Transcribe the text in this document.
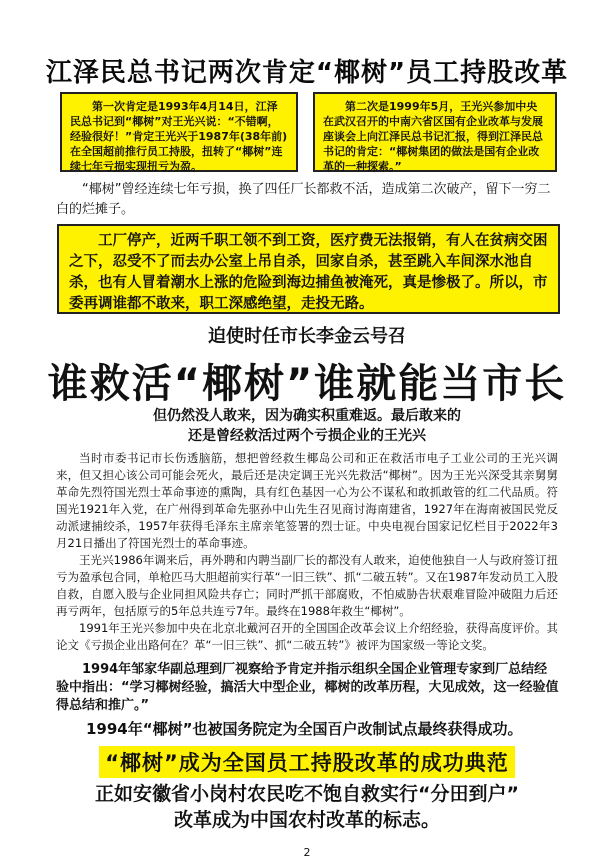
江泽民总书记两次肯定“椰树”员工持股改革
第一次肯定是1993年4月14日，江泽民总书记到“椰树”对王光兴说：“不错啊，经验很好！”肯定王光兴于1987年(38年前)在全国超前推行员工持股，扭转了“椰树”连续七年亏损实现扭亏为盈。
第二次是1999年5月，王光兴参加中央在武汉召开的中南六省区国有企业改革与发展座谈会上向江泽民总书记汇报，得到江泽民总书记的肯定：“椰树集团的做法是国有企业改革的一种探索。”
“椰树”曾经连续七年亏损，换了四任厂长都救不活，造成第二次破产，留下一穷二白的烂摊子。
工厂停产，近两千职工领不到工资，医疗费无法报销，有人在贫病交困之下，忍受不了而去办公室上吊自杀，回家自杀，甚至跳入车间深水池自杀，也有人冒着潮水上涨的危险到海边捕鱼被淹死，真是惨极了。所以，市委再调谁都不敢来，职工深感绝望，走投无路。
迫使时任市长李金云号召
谁救活“椰树”谁就能当市长
但仍然没人敢来，因为确实积重难返。最后敢来的
还是曾经救活过两个亏损企业的王光兴
当时市委书记市长伤透脑筋，想把曾经救生椰岛公司和正在救活市电子工业公司的王光兴调来，但又担心该公司可能会死火，最后还是决定调王光兴先救活“椰树”。因为王光兴深受其亲舅舅革命先烈符国光烈士革命事迹的熏陶，具有红色基因一心为公不谋私和敢抓敢管的红二代品质。符国光1921年入党，在广州得到革命先驱孙中山先生召见商讨海南建省，1927年在海南被国民党反动派逮捕绞杀，1957年获得毛泽东主席亲笔签署的烈士证。中央电视台国家记忆栏目于2022年3月21日播出了符国光烈士的革命事迹。
王光兴1986年调来后，再外聘和内聘当副厂长的都没有人敢来，迫使他独自一人与政府签订扭亏为盈承包合同，单枪匹马大胆超前实行革“一旧三铁”、抓“二破五转”。又在1987年发动员工入股自救，自愿入股与企业同担风险共存亡；同时严抓干部腐败，不怕威胁告状艰难冒险冲破阻力后还再亏两年，包括原亏的5年总共连亏7年。最终在1988年救生“椰树”。
1991年王光兴参加中央在北京北戴河召开的全国国企改革会议上介绍经验，获得高度评价。其论文《亏损企业出路何在？革“一旧三铁”、抓“二破五转”》被评为国家级一等论文奖。
1994年邹家华副总理到厂视察给予肯定并指示组织全国企业管理专家到厂总结经验中指出：“学习椰树经验，搞活大中型企业，椰树的改革历程，大见成效，这一经验值得总结和推广。”
1994年“椰树”也被国务院定为全国百户改制试点最终获得成功。
“椰树”成为全国员工持股改革的成功典范
正如安徽省小岗村农民吃不饱自救实行“分田到户”
改革成为中国农村改革的标志。
2
